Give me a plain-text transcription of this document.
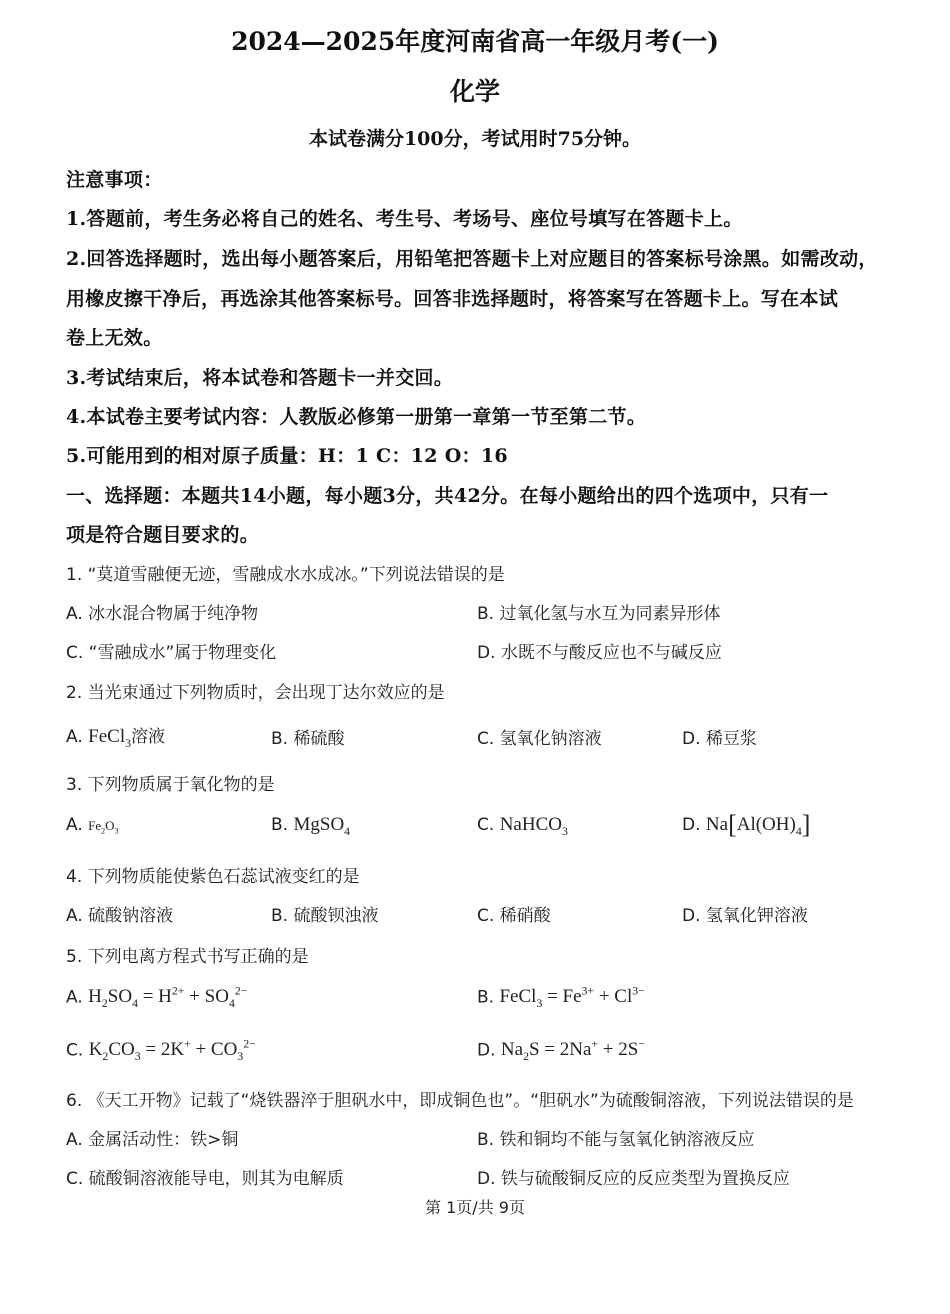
2024—2025年度河南省高一年级月考(一)
化学
本试卷满分100分，考试用时75分钟。
注意事项：
1.答题前，考生务必将自己的姓名、考生号、考场号、座位号填写在答题卡上。
2.回答选择题时，选出每小题答案后，用铅笔把答题卡上对应题目的答案标号涂黑。如需改动，
用橡皮擦干净后，再选涂其他答案标号。回答非选择题时，将答案写在答题卡上。写在本试
卷上无效。
3.考试结束后，将本试卷和答题卡一并交回。
4.本试卷主要考试内容：人教版必修第一册第一章第一节至第二节。
5.可能用到的相对原子质量：H：1 C：12 O：16
一、选择题：本题共14小题，每小题3分，共42分。在每小题给出的四个选项中，只有一
项是符合题目要求的。
1. “莫道雪融便无迹，雪融成水水成冰。”下列说法错误的是
A. 冰水混合物属于纯净物	B. 过氧化氢与水互为同素异形体
C. “雪融成水”属于物理变化	D. 水既不与酸反应也不与碱反应
2. 当光束通过下列物质时，会出现丁达尔效应的是
A. FeCl$_3$溶液	B. 稀硫酸	C. 氢氧化钠溶液	D. 稀豆浆
3. 下列物质属于氧化物的是
A. $Fe_2O_3$	B. MgSO$_4$	C. NaHCO$_3$	D. $Na[Al(OH)_4]$
4. 下列物质能使紫色石蕊试液变红的是
A. 硫酸钠溶液	B. 硫酸钡浊液	C. 稀硝酸	D. 氢氧化钾溶液
5. 下列电离方程式书写正确的是
A. $H_2SO_4 = H^{2+} + SO_4^{2-}$	B. FeCl$_3$ = $Fe^{3+} + Cl^{3-}$
C. $K_2CO_3 = 2K^+ + CO_3^{2-}$	D. $Na_2S = 2Na^+ + 2S^-$
6. 《天工开物》记载了“烧铁器淬于胆矾水中，即成铜色也”。“胆矾水”为硫酸铜溶液，下列说法错误的是
A. 金属活动性：铁>铜	B. 铁和铜均不能与氢氧化钠溶液反应
C. 硫酸铜溶液能导电，则其为电解质	D. 铁与硫酸铜反应的反应类型为置换反应
第 1页/共 9页
